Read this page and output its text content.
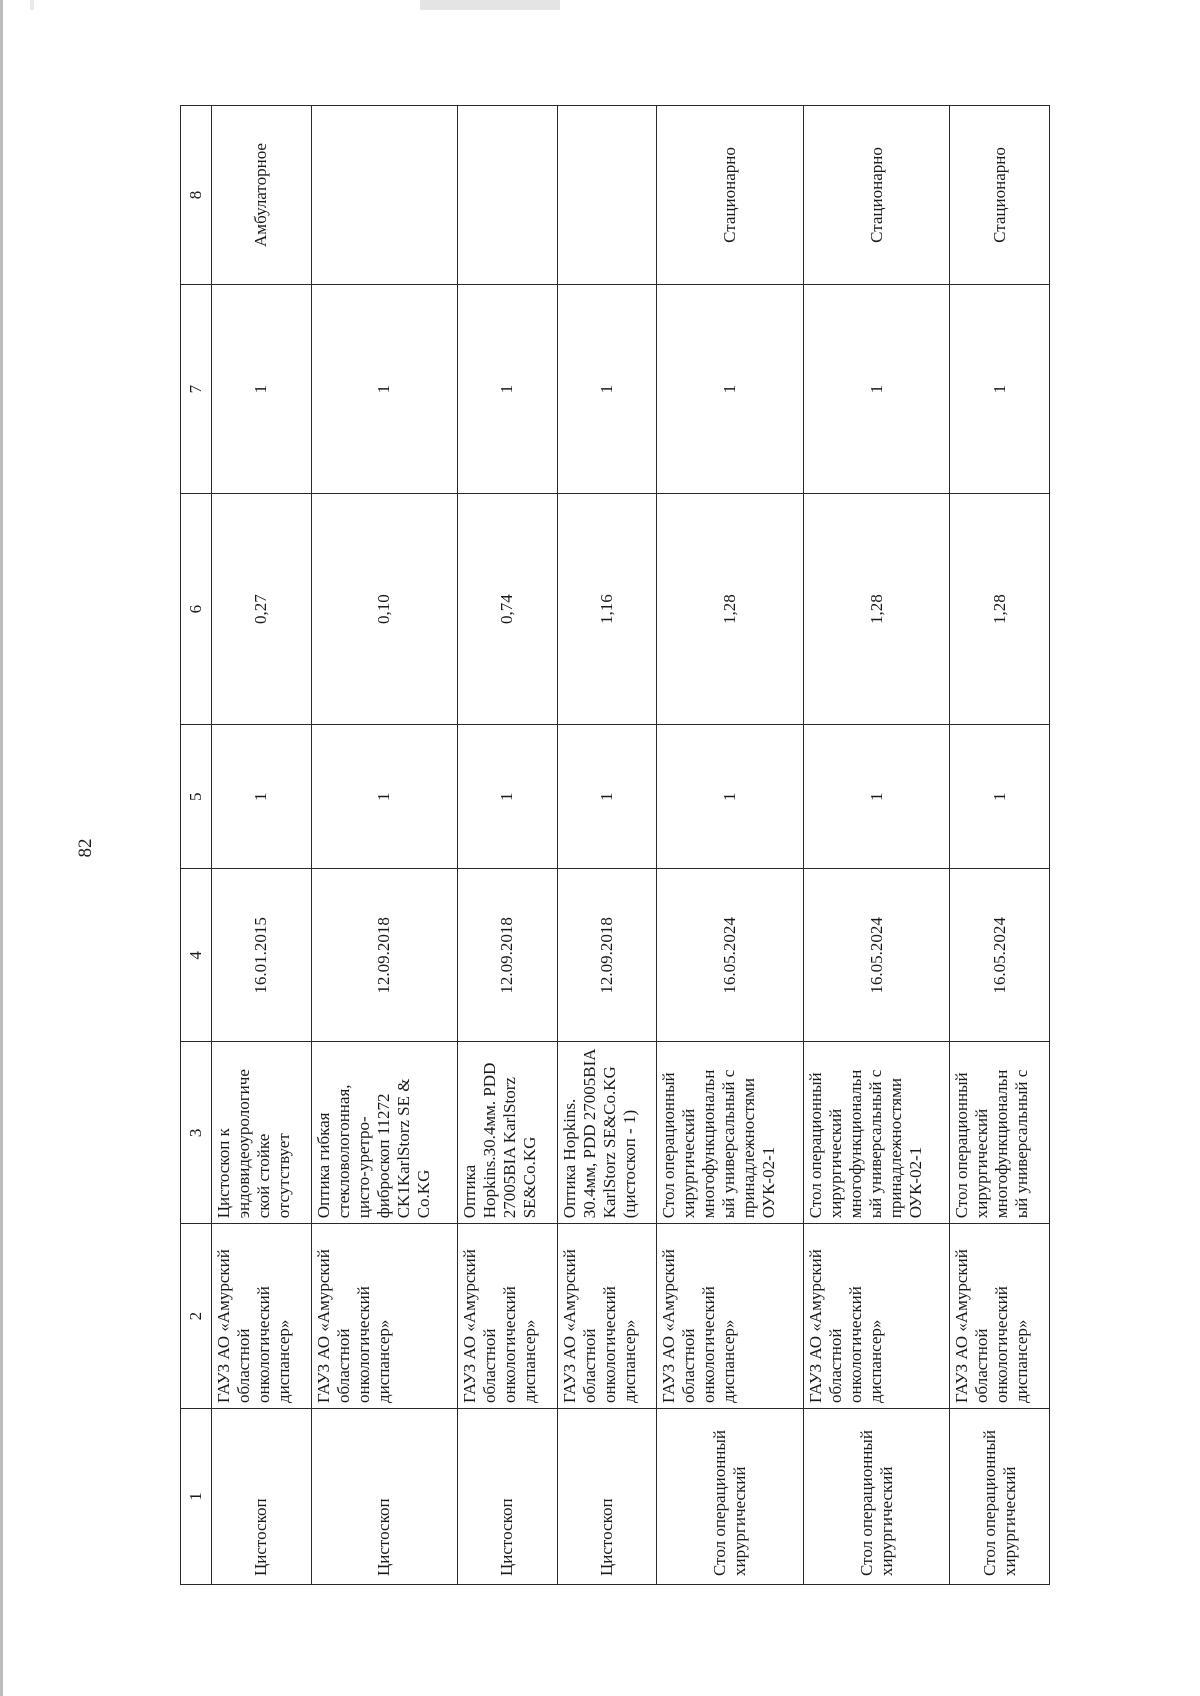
82
1	2	3	4	5	6	7	8
Цистоскоп	ГАУЗ АО «Амурский областной онкологический диспансер»	Цистоскоп к эндовидеоурологиче ской стойке отсутствует	16.01.2015	1	0,27	1	Амбулаторное
Цистоскоп	ГАУЗ АО «Амурский областной онкологический диспансер»	Оптика гибкая стекловологонная, цисто-уретро-фиброскоп 11272 CK1KarlStorz SE & Co.KG	12.09.2018	1	0,10	1	
Цистоскоп	ГАУЗ АО «Амурский областной онкологический диспансер»	Оптика Hopkins.30.4мм. PDD 27005BIA KarlStorz SE&Co.KG	12.09.2018	1	0,74	1	
Цистоскоп	ГАУЗ АО «Амурский областной онкологический диспансер»	Оптика Hopkins. 30.4мм, PDD 27005BIA KarlStorz SE&Co.KG (цистоскоп - 1)	12.09.2018	1	1,16	1	
Стол операционный хирургический	ГАУЗ АО «Амурский областной онкологический диспансер»	Стол операционный хирургический многофункциональн ый универсальный с принадлежностями ОУК-02-1	16.05.2024	1	1,28	1	Стационарно
Стол операционный хирургический	ГАУЗ АО «Амурский областной онкологический диспансер»	Стол операционный хирургический многофункциональн ый универсальный с принадлежностями ОУК-02-1	16.05.2024	1	1,28	1	Стационарно
Стол операционный хирургический	ГАУЗ АО «Амурский областной онкологический диспансер»	Стол операционный хирургический многофункциональн ый универсальный с	16.05.2024	1	1,28	1	Стационарно
